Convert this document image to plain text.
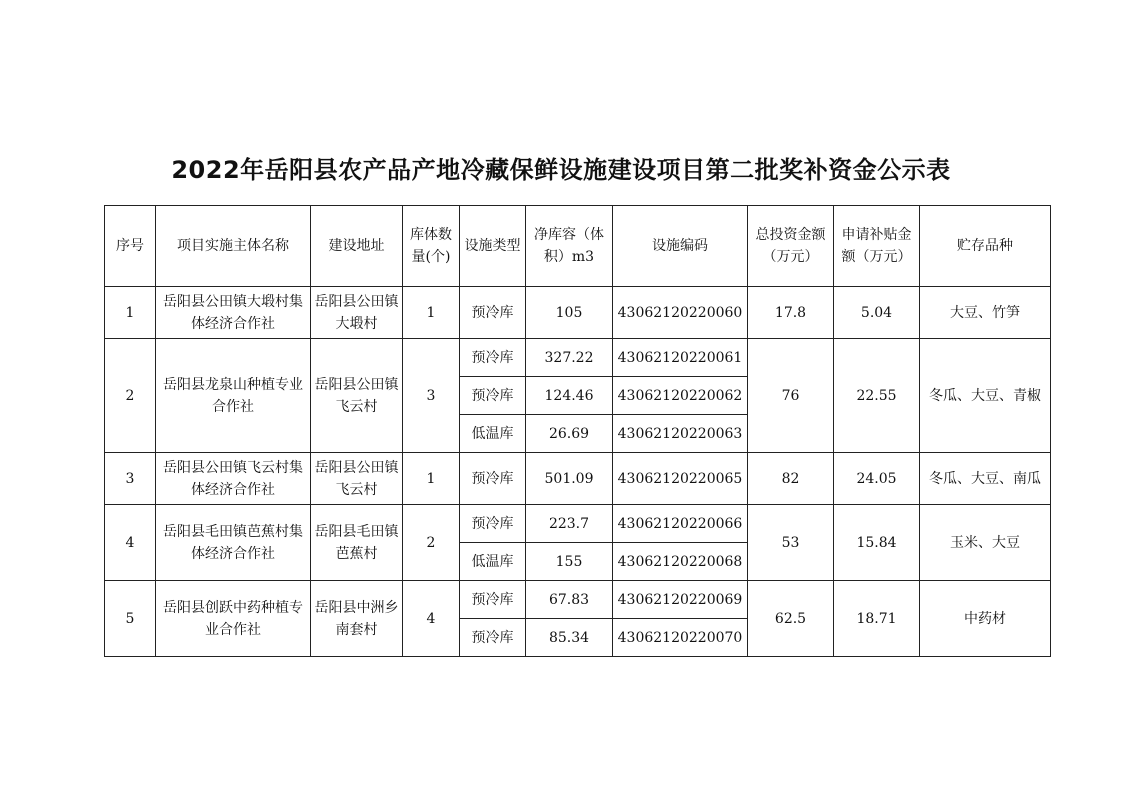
2022年岳阳县农产品产地冷藏保鲜设施建设项目第二批奖补资金公示表
序号	项目实施主体名称	建设地址	库体数量(个)	设施类型	净库容（体积）m3	设施编码	总投资金额（万元）	申请补贴金额（万元）	贮存品种
1	岳阳县公田镇大塅村集体经济合作社	岳阳县公田镇大塅村	1	预冷库	105	43062120220060	17.8	5.04	大豆、竹笋
2	岳阳县龙泉山种植专业合作社	岳阳县公田镇飞云村	3	预冷库	327.22	43062120220061	76	22.55	冬瓜、大豆、青椒
				预冷库	124.46	43062120220062			
				低温库	26.69	43062120220063			
3	岳阳县公田镇飞云村集体经济合作社	岳阳县公田镇飞云村	1	预冷库	501.09	43062120220065	82	24.05	冬瓜、大豆、南瓜
4	岳阳县毛田镇芭蕉村集体经济合作社	岳阳县毛田镇芭蕉村	2	预冷库	223.7	43062120220066	53	15.84	玉米、大豆
				低温库	155	43062120220068			
5	岳阳县创跃中药种植专业合作社	岳阳县中洲乡南套村	4	预冷库	67.83	43062120220069	62.5	18.71	中药材
				预冷库	85.34	43062120220070			
